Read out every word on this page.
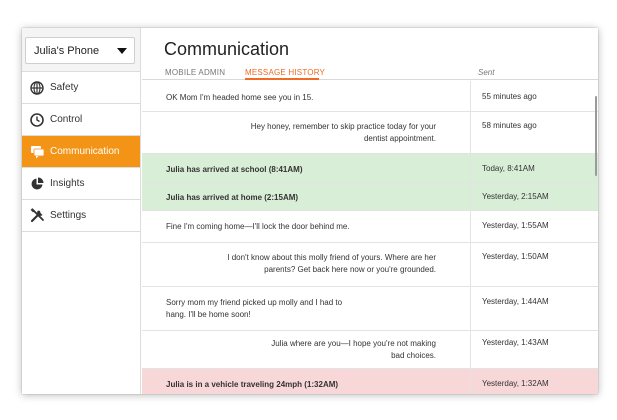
Julia's Phone
Safety
Control
Communication
Insights
Settings
Communication
MOBILE ADMIN MESSAGE HISTORY	Sent
OK Mom I'm headed home see you in 15.	55 minutes ago
Hey honey, remember to skip practice today for your
dentist appointment.
58 minutes ago
Julia has arrived at school (8:41AM)	Today, 8:41AM
Julia has arrived at home (2:15AM)	Yesterday, 2:15AM
Fine I'm coming home—I'll lock the door behind me.	Yesterday, 1:55AM
I don't know about this molly friend of yours. Where are her
parents? Get back here now or you're grounded.
Yesterday, 1:50AM
Sorry mom my friend picked up molly and I had to
hang. I'll be home soon!
Yesterday, 1:44AM
Julia where are you—I hope you're not making
bad choices.
Yesterday, 1:43AM
Julia is in a vehicle traveling 24mph (1:32AM)	Yesterday, 1:32AM
